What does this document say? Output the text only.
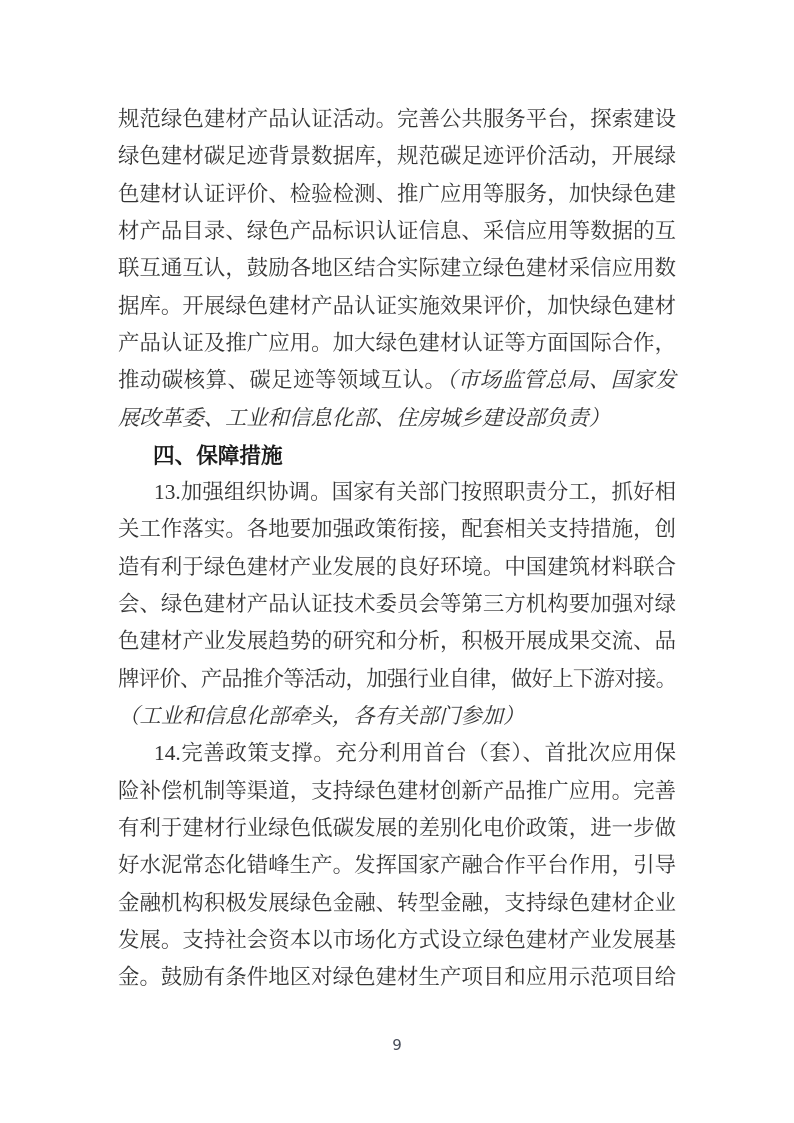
规范绿色建材产品认证活动。完善公共服务平台，探索建设
绿色建材碳足迹背景数据库，规范碳足迹评价活动，开展绿
色建材认证评价、检验检测、推广应用等服务，加快绿色建
材产品目录、绿色产品标识认证信息、采信应用等数据的互
联互通互认，鼓励各地区结合实际建立绿色建材采信应用数
据库。开展绿色建材产品认证实施效果评价，加快绿色建材
产品认证及推广应用。加大绿色建材认证等方面国际合作，
推动碳核算、碳足迹等领域互认。（市场监管总局、国家发
展改革委、工业和信息化部、住房城乡建设部负责）
四、保障措施
13.加强组织协调。国家有关部门按照职责分工，抓好相
关工作落实。各地要加强政策衔接，配套相关支持措施，创
造有利于绿色建材产业发展的良好环境。中国建筑材料联合
会、绿色建材产品认证技术委员会等第三方机构要加强对绿
色建材产业发展趋势的研究和分析，积极开展成果交流、品
牌评价、产品推介等活动，加强行业自律，做好上下游对接。
（工业和信息化部牵头，各有关部门参加）
14.完善政策支撑。充分利用首台（套）、首批次应用保
险补偿机制等渠道，支持绿色建材创新产品推广应用。完善
有利于建材行业绿色低碳发展的差别化电价政策，进一步做
好水泥常态化错峰生产。发挥国家产融合作平台作用，引导
金融机构积极发展绿色金融、转型金融，支持绿色建材企业
发展。支持社会资本以市场化方式设立绿色建材产业发展基
金。鼓励有条件地区对绿色建材生产项目和应用示范项目给
9
